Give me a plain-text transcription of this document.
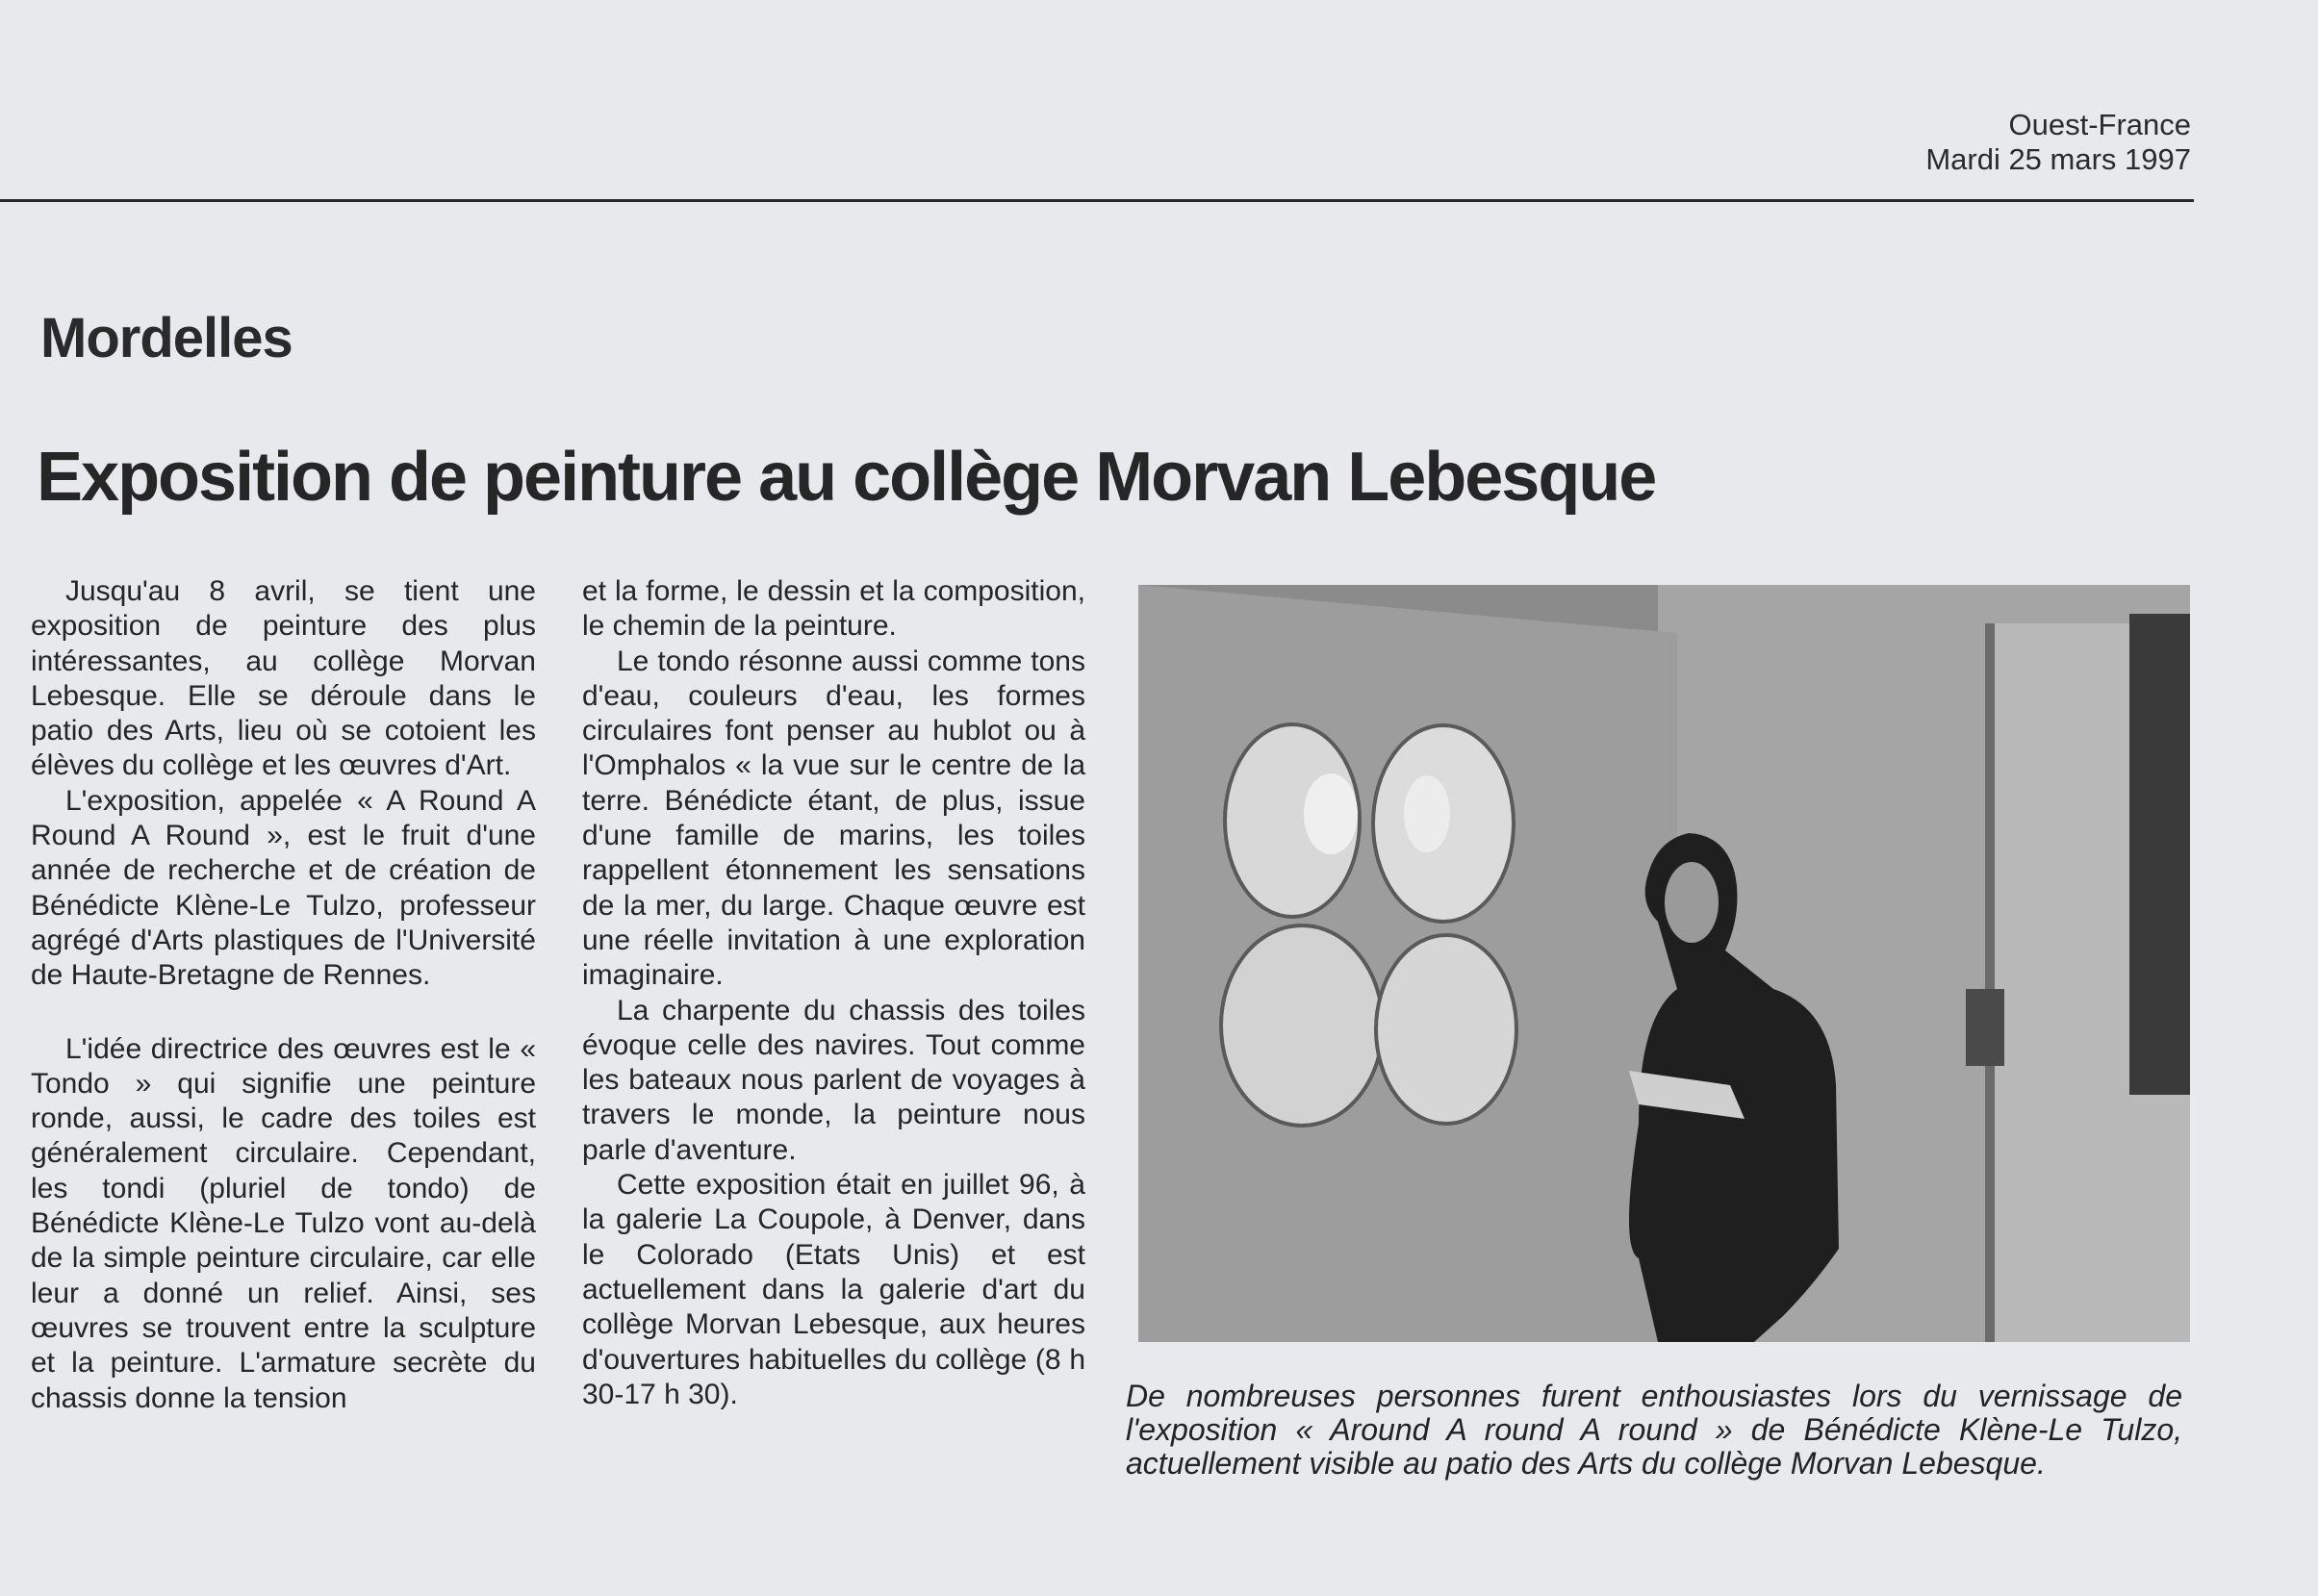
Ouest-France
Mardi 25 mars 1997
Mordelles
Exposition de peinture au collège Morvan Lebesque

Jusqu'au 8 avril, se tient une exposition de peinture des plus intéressantes, au collège Morvan Lebesque. Elle se déroule dans le patio des Arts, lieu où se cotoient les élèves du collège et les œuvres d'Art.

L'exposition, appelée « A Round A Round A Round », est le fruit d'une année de recherche et de création de Bénédicte Klène-Le Tulzo, professeur agrégé d'Arts plastiques de l'Université de Haute-Bretagne de Rennes.

L'idée directrice des œuvres est le « Tondo » qui signifie une peinture ronde, aussi, le cadre des toiles est généralement circulaire. Cependant, les tondi (pluriel de tondo) de Bénédicte Klène-Le Tulzo vont au-delà de la simple peinture circulaire, car elle leur a donné un relief. Ainsi, ses œuvres se trouvent entre la sculpture et la peinture. L'armature secrète du chassis donne la tension

et la forme, le dessin et la composition, le chemin de la peinture.

Le tondo résonne aussi comme tons d'eau, couleurs d'eau, les formes circulaires font penser au hublot ou à l'Omphalos « la vue sur le centre de la terre. Bénédicte étant, de plus, issue d'une famille de marins, les toiles rappellent étonnement les sensations de la mer, du large. Chaque œuvre est une réelle invitation à une exploration imaginaire.

La charpente du chassis des toiles évoque celle des navires. Tout comme les bateaux nous parlent de voyages à travers le monde, la peinture nous parle d'aventure.

Cette exposition était en juillet 96, à la galerie La Coupole, à Denver, dans le Colorado (Etats Unis) et est actuellement dans la galerie d'art du collège Morvan Lebesque, aux heures d'ouvertures habituelles du collège (8 h 30-17 h 30).	De nombreuses personnes furent enthousiastes lors du vernissage de l'exposition « Around A round A round » de Bénédicte Klène-Le Tulzo, actuellement visible au patio des Arts du collège Morvan Lebesque.
